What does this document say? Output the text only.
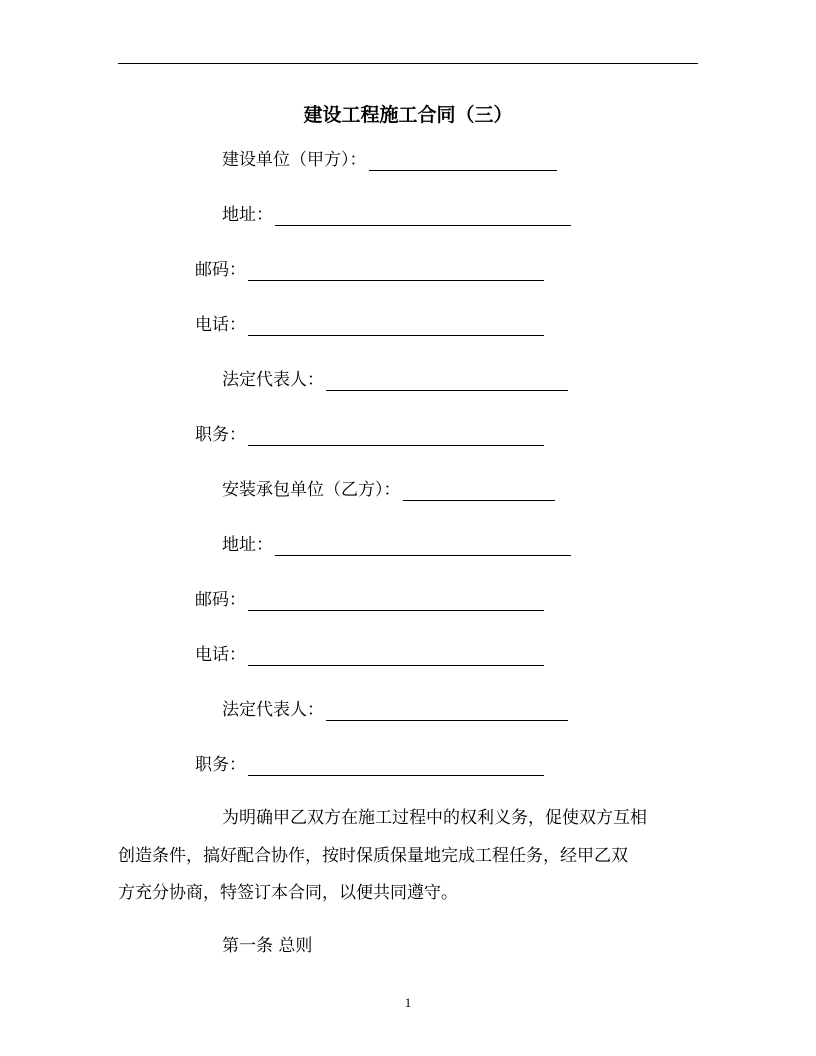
建设工程施工合同（三）
建设单位（甲方）：
地址：
邮码：
电话：
法定代表人：
职务：
安装承包单位（乙方）：
地址：
邮码：
电话：
法定代表人：
职务：
为明确甲乙双方在施工过程中的权利义务，促使双方互相
创造条件，搞好配合协作，按时保质保量地完成工程任务，经甲乙双
方充分协商，特签订本合同，以便共同遵守。
第一条 总则
1
